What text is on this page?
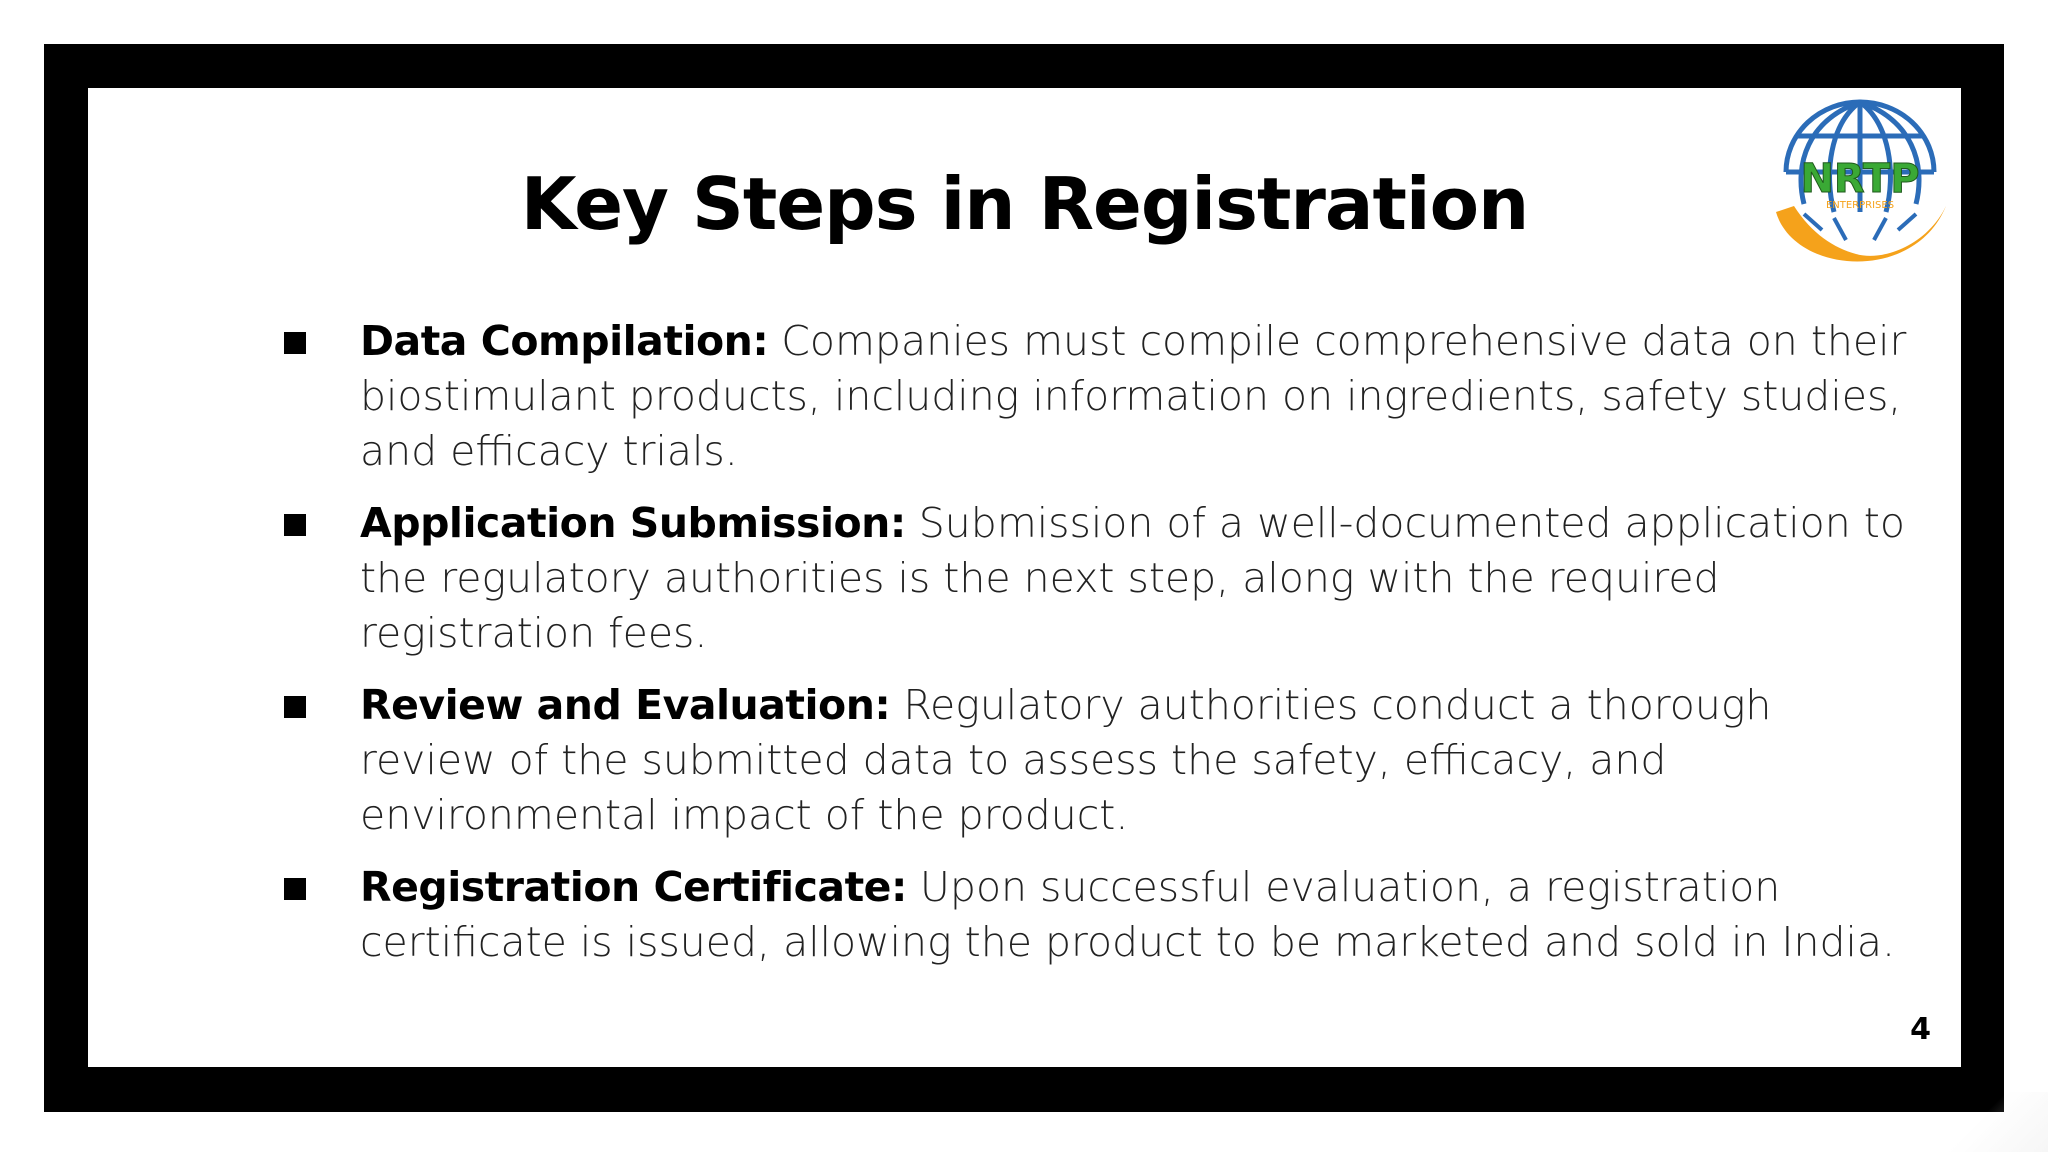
Key Steps in Registration	NRTP
ENTERPRISES
Data Compilation: Companies must compile comprehensive data on their biostimulant products, including information on ingredients, safety studies, and efficacy trials.
Application Submission: Submission of a well-documented application to the regulatory authorities is the next step, along with the required registration fees.
Review and Evaluation: Regulatory authorities conduct a thorough review of the submitted data to assess the safety, efficacy, and environmental impact of the product.
Registration Certificate: Upon successful evaluation, a registration certificate is issued, allowing the product to be marketed and sold in India.
4
